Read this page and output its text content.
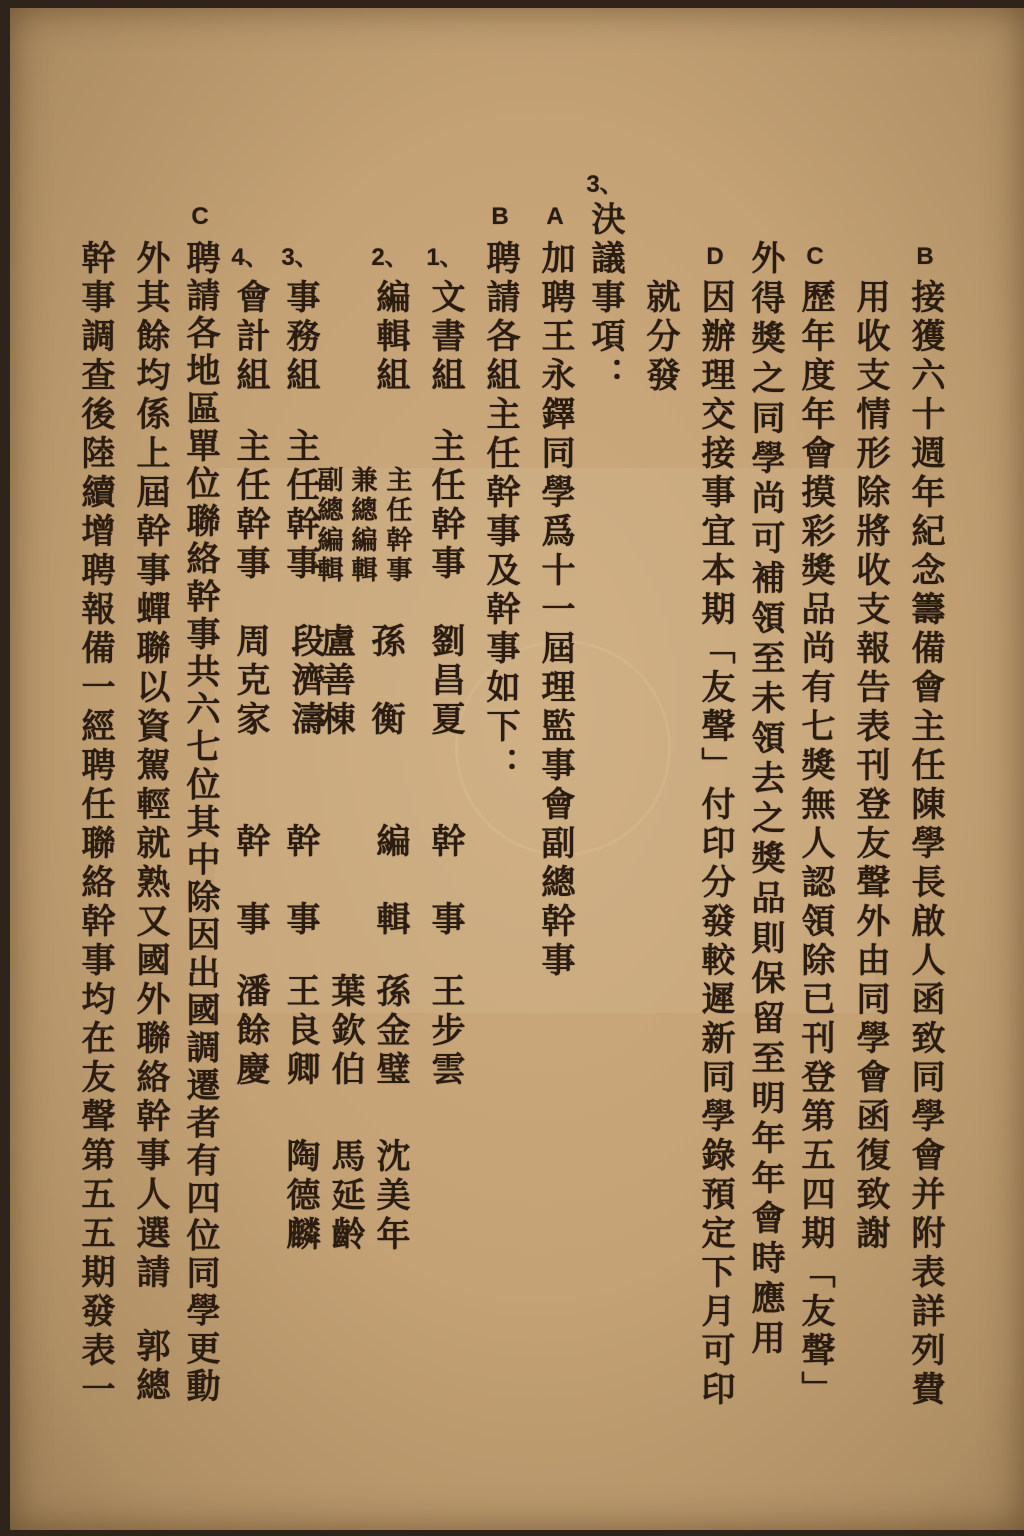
B
接獲六十週年紀念籌備會主任陳學長啟人函致同學會并附表詳列費
用收支情形除將收支報告表刊登友聲外由同學會函復致謝
C
歷年度年會摸彩獎品尚有七獎無人認領除已刊登第五四期「友聲」
外得獎之同學尚可補領至未領去之獎品則保留至明年年會時應用
D
因辦理交接事宜本期「友聲」付印分發較遲新同學錄預定下月可印
就分發
3、
決議事項：
A
加聘王永鐸同學爲十一屆理監事會副總幹事
B
聘請各組主任幹事及幹事如下：
1、
文書組
主任幹事
劉昌夏
幹事
王步雲
2、
編輯組
主任幹事
兼總編輯
副總編輯
孫衡
盧善棟
編輯
孫金璧
沈美年
葉欽伯
馬延齡
3、
事務組
主任幹事
段濟濤
幹事
王良卿
陶德麟
4、
會計組
主任幹事
周克家
幹事
潘餘慶
C
聘請各地區單位聯絡幹事共六七位其中除因出國調遷者有四位同學更動
外其餘均係上屆幹事蟬聯以資駕輕就熟又國外聯絡幹事人選請
郭總
幹事調查後陸續增聘報備一經聘任聯絡幹事均在友聲第五五期發表一
